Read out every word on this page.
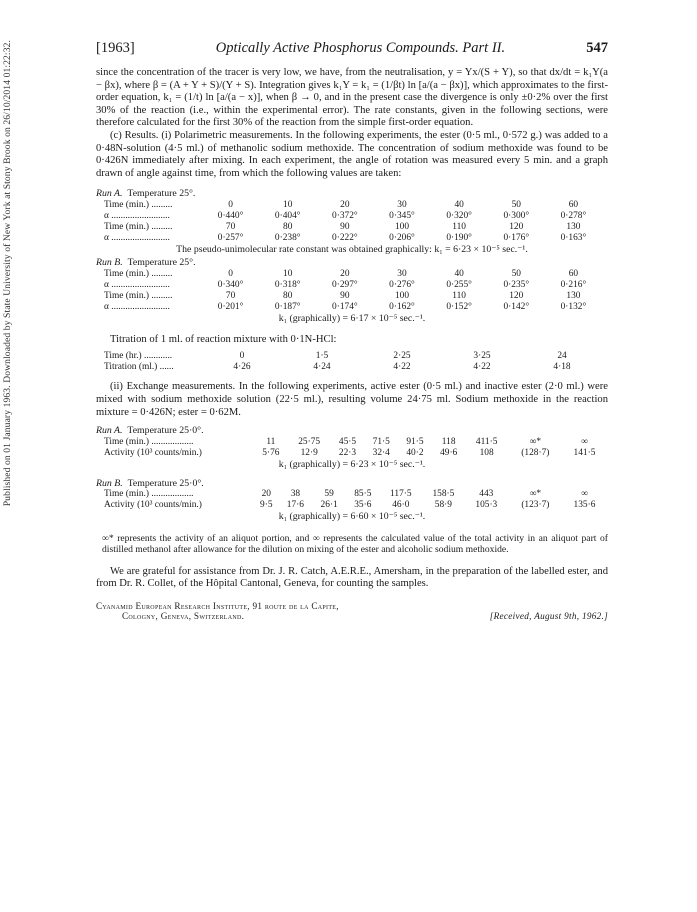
Published on 01 January 1963. Downloaded by State University of New York at Stony Brook on 26/10/2014 01:22:32.	[1963]	Optically Active Phosphorus Compounds. Part II.	547

since the concentration of the tracer is very low, we have, from the neutralisation, y = Yx/(S + Y), so that dx/dt = k₁Y(a − βx), where β = (A + Y + S)/(Y + S). Integration gives k₁Y = k₁ = (1/βt) ln [a/(a − βx)], which approximates to the first-order equation, k₁ = (1/t) ln [a/(a − x)], when β → 0, and in the present case the divergence is only ±0·2% over the first 30% of the reaction (i.e., within the experimental error). The rate constants, given in the following sections, were therefore calculated for the first 30% of the reaction from the simple first-order equation.

(c) Results. (i) Polarimetric measurements. In the following experiments, the ester (0·5 ml., 0·572 g.) was added to a 0·48N-solution (4·5 ml.) of methanolic sodium methoxide. The concentration of sodium methoxide was found to be 0·426N immediately after mixing. In each experiment, the angle of rotation was measured every 5 min. and a graph drawn of angle against time, from which the following values are taken:

Run A. Temperature 25°.
Time (min.) .........	0	10	20	30	40	50	60
α .........................	0·440°	0·404°	0·372°	0·345°	0·320°	0·300°	0·278°
Time (min.) .........	70	80	90	100	110	120	130
α .........................	0·257°	0·238°	0·222°	0·206°	0·190°	0·176°	0·163°
The pseudo-unimolecular rate constant was obtained graphically: k₁ = 6·23 × 10⁻⁵ sec.⁻¹.
Run B. Temperature 25°.
Time (min.) .........	0	10	20	30	40	50	60
α .........................	0·340°	0·318°	0·297°	0·276°	0·255°	0·235°	0·216°
Time (min.) .........	70	80	90	100	110	120	130
α .........................	0·201°	0·187°	0·174°	0·162°	0·152°	0·142°	0·132°
k₁ (graphically) = 6·17 × 10⁻⁵ sec.⁻¹.
Titration of 1 ml. of reaction mixture with 0·1N-HCl:
Time (hr.) ............	0	1·5	2·25	3·25	24
Titration (ml.) ......	4·26	4·24	4·22	4·22	4·18

(ii) Exchange measurements. In the following experiments, active ester (0·5 ml.) and inactive ester (2·0 ml.) were mixed with sodium methoxide solution (22·5 ml.), resulting volume 24·75 ml. Sodium methoxide in the reaction mixture = 0·426N; ester = 0·62M.

Run A. Temperature 25·0°.
Time (min.) ..................	11	25·75	45·5	71·5	91·5	118	411·5	∞*	∞
Activity (10³ counts/min.)	5·76	12·9	22·3	32·4	40·2	49·6	108	(128·7)	141·5
k₁ (graphically) = 6·23 × 10⁻⁵ sec.⁻¹.
Run B. Temperature 25·0°.
Time (min.) ..................	20	38	59	85·5	117·5	158·5	443	∞*	∞
Activity (10³ counts/min.)	9·5	17·6	26·1	35·6	46·0	58·9	105·3	(123·7)	135·6
k₁ (graphically) = 6·60 × 10⁻⁵ sec.⁻¹.
∞* represents the activity of an aliquot portion, and ∞ represents the calculated value of the total activity in an aliquot part of distilled methanol after allowance for the dilution on mixing of the ester and alcoholic sodium methoxide.

We are grateful for assistance from Dr. J. R. Catch, A.E.R.E., Amersham, in the preparation of the labelled ester, and from Dr. R. Collet, of the Hôpital Cantonal, Geneva, for counting the samples.

Cyanamid European Research Institute, 91 route de la Capite,
Cologny, Geneva, Switzerland.	[Received, August 9th, 1962.]
